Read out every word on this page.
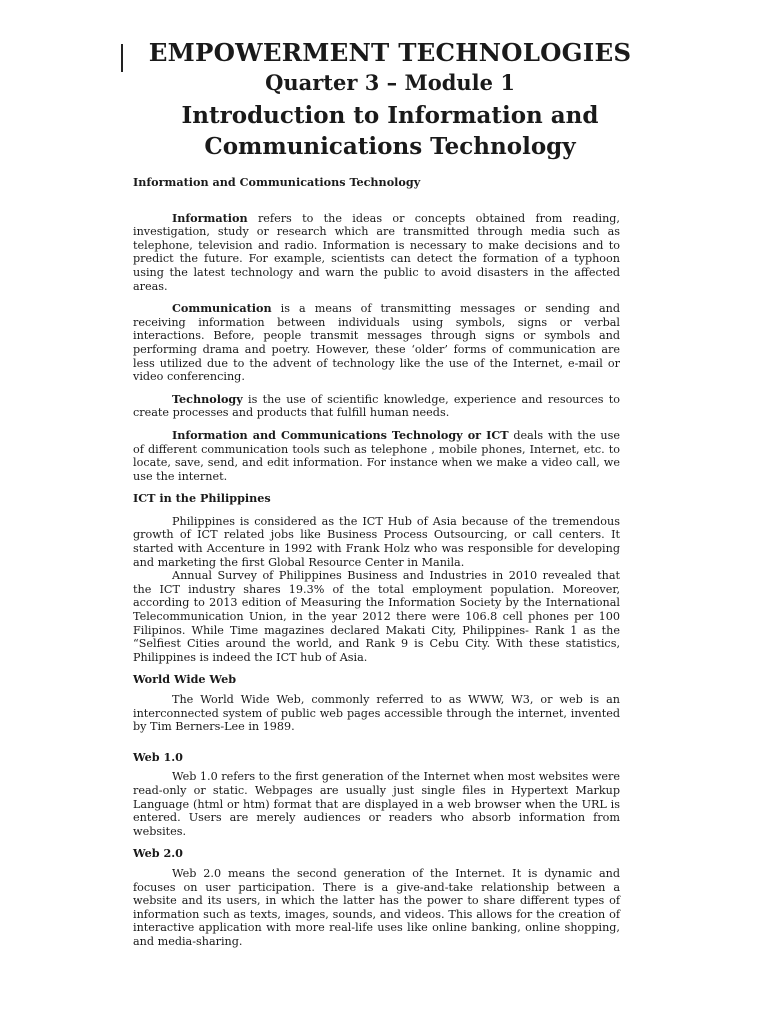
EMPOWERMENT TECHNOLOGIES

Quarter 3 – Module 1

Introduction to Information and
Communications Technology

Information and Communications Technology

Information refers to the ideas or concepts obtained from reading, investigation, study or research which are transmitted through media such as telephone, television and radio. Information is necessary to make decisions and to predict the future. For example, scientists can detect the formation of a typhoon using the latest technology and warn the public to avoid disasters in the affected areas.

Communication is a means of transmitting messages or sending and receiving information between individuals using symbols, signs or verbal interactions. Before, people transmit messages through signs or symbols and performing drama and poetry. However, these ‘older’ forms of communication are less utilized due to the advent of technology like the use of the Internet, e-mail or video conferencing.

Technology is the use of scientific knowledge, experience and resources to create processes and products that fulfill human needs.

Information and Communications Technology or ICT deals with the use of different communication tools such as telephone , mobile phones, Internet, etc. to locate, save, send, and edit information. For instance when we make a video call, we use the internet.

ICT in the Philippines

Philippines is considered as the ICT Hub of Asia because of the tremendous growth of ICT related jobs like Business Process Outsourcing, or call centers. It started with Accenture in 1992 with Frank Holz who was responsible for developing and marketing the first Global Resource Center in Manila.

Annual Survey of Philippines Business and Industries in 2010 revealed that the ICT industry shares 19.3% of the total employment population. Moreover, according to 2013 edition of Measuring the Information Society by the International Telecommunication Union, in the year 2012 there were 106.8 cell phones per 100 Filipinos. While Time magazines declared Makati City, Philippines- Rank 1 as the “Selfiest Cities around the world, and Rank 9 is Cebu City. With these statistics, Philippines is indeed the ICT hub of Asia.

World Wide Web

The World Wide Web, commonly referred to as WWW, W3, or web is an interconnected system of public web pages accessible through the internet, invented by Tim Berners-Lee in 1989.

Web 1.0

Web 1.0 refers to the first generation of the Internet when most websites were read-only or static. Webpages are usually just single files in Hypertext Markup Language (html or htm) format that are displayed in a web browser when the URL is entered. Users are merely audiences or readers who absorb information from websites.

Web 2.0

Web 2.0 means the second generation of the Internet. It is dynamic and focuses on user participation. There is a give-and-take relationship between a website and its users, in which the latter has the power to share different types of information such as texts, images, sounds, and videos. This allows for the creation of interactive application with more real-life uses like online banking, online shopping, and media-sharing.
